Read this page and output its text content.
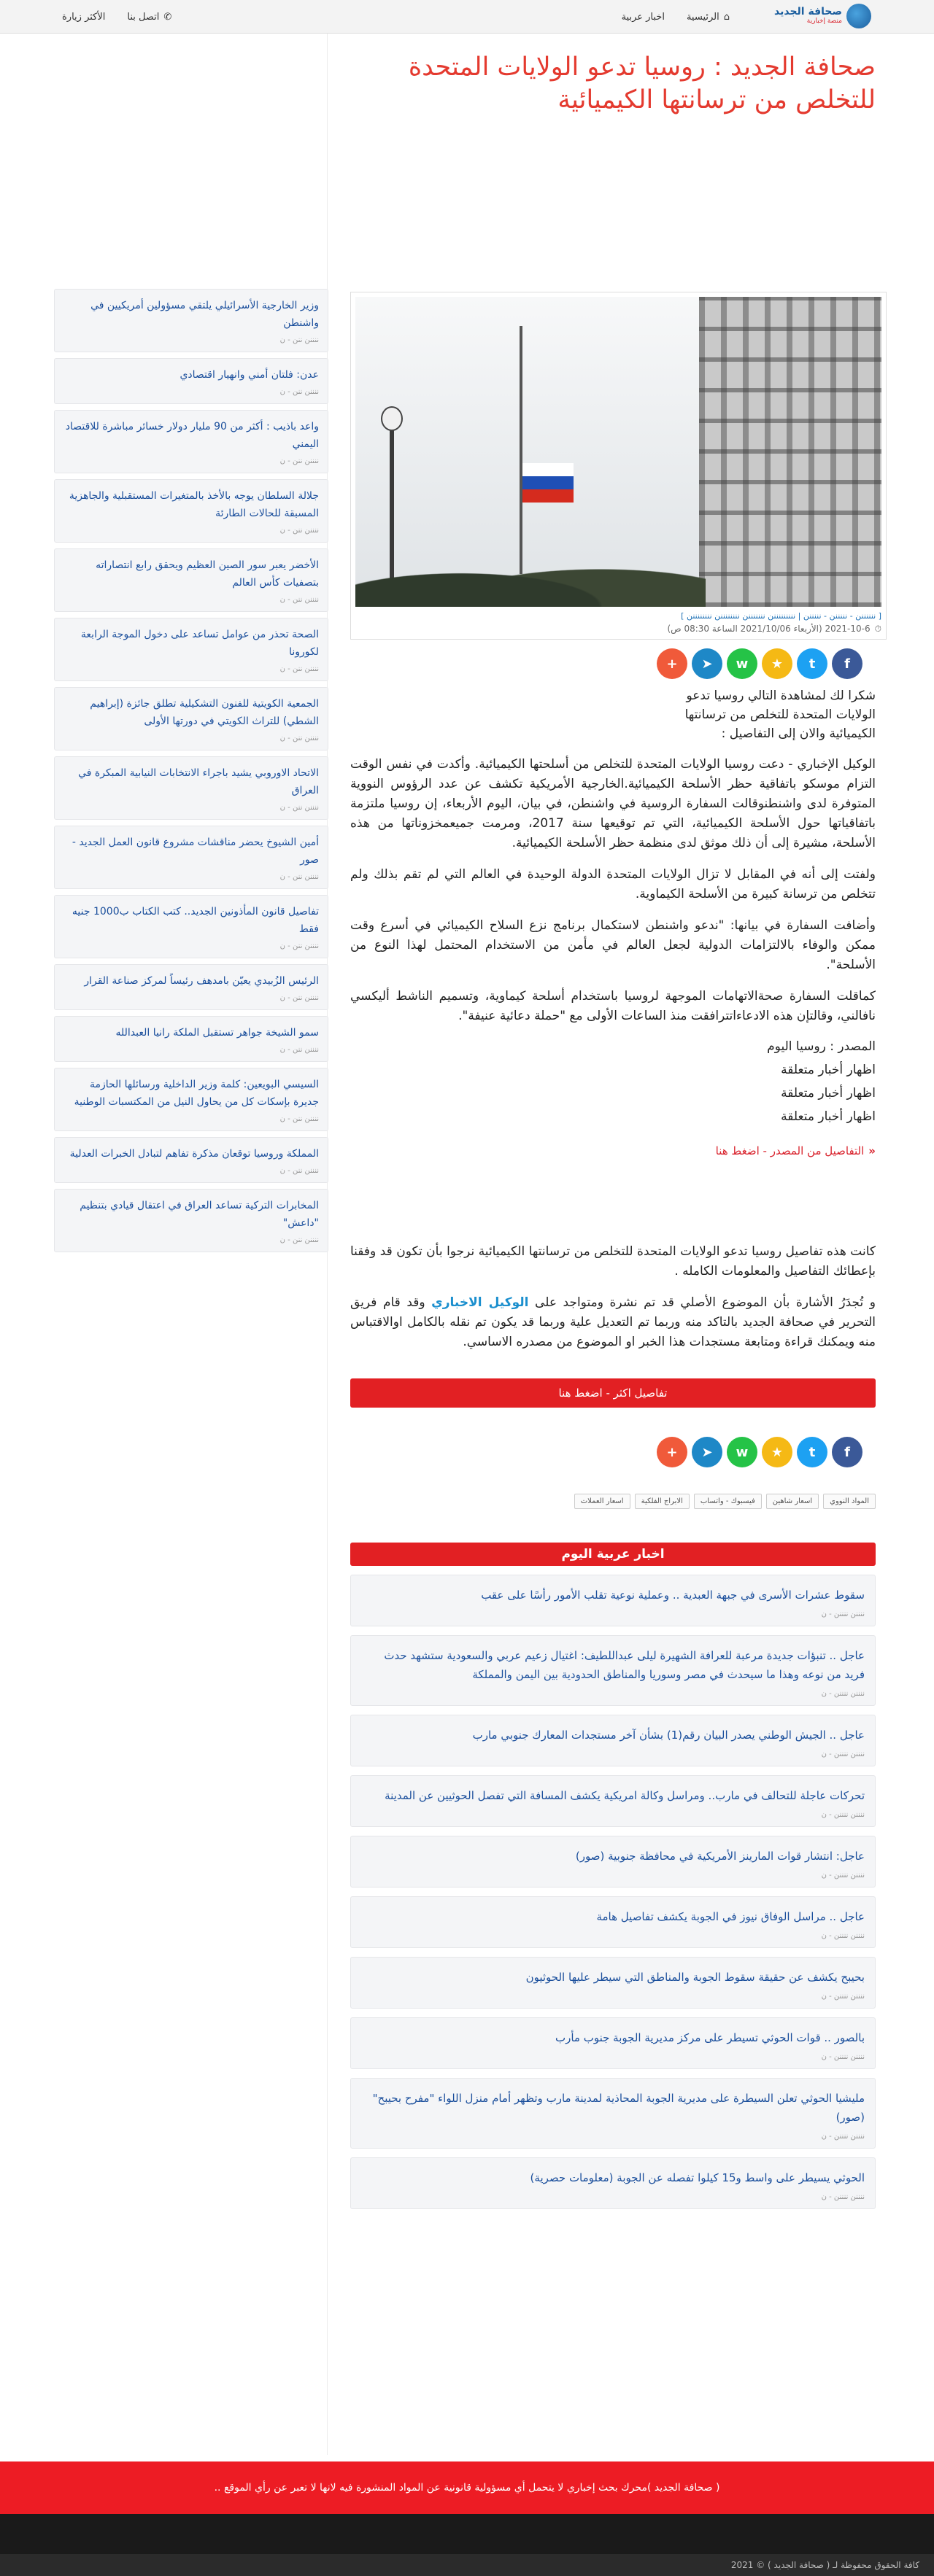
صحافة الجديد
منصة إخبارية
⌂
الرئيسية
اخبار عربية
✆
اتصل بنا
الأكثر زيارة
صحافة الجديد : روسيا تدعو الولايات المتحدة للتخلص من ترسانتها الكيميائية
[ ننننننن - نننننن - نننننن | نننننننننن نننننننن ننننننننن ننننننننن ]
⏱2021-10-6 (الأربعاء 2021/10/06 الساعة 08:30 ص)
+ ➤ w ★ t f

شكرا لك لمشاهدة التالي روسيا تدعو الولايات المتحدة للتخلص من ترسانتها الكيميائية والان إلى التفاصيل :

الوكيل الإخباري - دعت روسيا الولايات المتحدة للتخلص من أسلحتها الكيميائية. وأكدت في نفس الوقت التزام موسكو باتفاقية حظر الأسلحة الكيميائية.الخارجية الأمريكية تكشف عن عدد الرؤوس النووية المتوفرة لدى واشنطنوقالت السفارة الروسية في واشنطن، في بيان، اليوم الأربعاء، إن روسيا ملتزمة باتفاقياتها حول الأسلحة الكيميائية، التي تم توقيعها سنة 2017، ومرمت جميعمخزوناتها من هذه الأسلحة، مشيرة إلى أن ذلك موثق لدى منظمة حظر الأسلحة الكيميائية.

ولفتت إلى أنه في المقابل لا تزال الولايات المتحدة الدولة الوحيدة في العالم التي لم تقم بذلك ولم تتخلص من ترسانة كبيرة من الأسلحة الكيماوية.

وأضافت السفارة في بيانها: "ندعو واشنطن لاستكمال برنامج نزع السلاح الكيميائي في أسرع وقت ممكن والوفاء بالالتزامات الدولية لجعل العالم في مأمن من الاستخدام المحتمل لهذا النوع من الأسلحة".

كماقلت السفارة صحةالاتهامات الموجهة لروسيا باستخدام أسلحة كيماوية، وتسميم الناشط أليكسي نافالني، وقالتإن هذه الادعاءاتترافقت منذ الساعات الأولى مع "حملة دعائية عنيفة".

المصدر : روسيا اليوم

اظهار أخبار متعلقة

اظهار أخبار متعلقة

اظهار أخبار متعلقة

«
التفاصيل من المصدر - اضغط هنا

كانت هذه تفاصيل روسيا تدعو الولايات المتحدة للتخلص من ترسانتها الكيميائية نرجوا بأن تكون قد وفقنا بإعطائك التفاصيل والمعلومات الكامله .

و تُجدَرُ الأشارة بأن الموضوع الأصلي قد تم نشرة ومتواجد على الوكيل الاخباري وقد قام فريق التحرير في صحافة الجديد بالتاكد منه وربما تم التعديل علية وربما قد يكون تم نقله بالكامل اوالاقتباس منه ويمكنك قراءة ومتابعة مستجدات هذا الخبر او الموضوع من مصدره الاساسي.

تفاصيل اكثر - اضغط هنا
+ ➤ w ★ t f
المواد النووي
اسعار شاهين
فيسبوك - واتساب
الابراج الفلكية
اسعار العملات
اخبار عربية اليوم
سقوط عشرات الأسرى في جبهة العبدية .. وعملية نوعية تقلب الأمور رأسًا على عقب
ننننن ننننن - ن
عاجل .. تنبؤات جديدة مرعبة للعرافة الشهيرة ليلى عبداللطيف: اغتيال زعيم عربي والسعودية ستشهد حدث فريد من نوعه وهذا ما سيحدث في مصر وسوريا والمناطق الحدودية بين اليمن والمملكة
ننننن ننننن - ن
عاجل .. الجيش الوطني يصدر البيان رقم(1) بشأن آخر مستجدات المعارك جنوبي مارب
ننننن ننننن - ن
تحركات عاجلة للتحالف في مارب.. ومراسل وكالة امريكية يكشف المسافة التي تفصل الحوثيين عن المدينة
ننننن ننننن - ن
عاجل: انتشار قوات المارينز الأمريكية في محافظة جنوبية (صور)
ننننن ننننن - ن
عاجل .. مراسل الوفاق نيوز في الجوبة يكشف تفاصيل هامة
ننننن ننننن - ن
بحيبح يكشف عن حقيقة سقوط الجوبة والمناطق التي سيطر عليها الحوثيون
ننننن ننننن - ن
بالصور .. قوات الحوثي تسيطر على مركز مديرية الجوبة جنوب مأرب
ننننن ننننن - ن
مليشيا الحوثي تعلن السيطرة على مديرية الجوبة المحاذية لمدينة مارب وتظهر أمام منزل اللواء "مفرح بحيبح"(صور)
ننننن ننننن - ن
الحوثي يسيطر على واسط و15 كيلوا تفصله عن الجوبة (معلومات حصرية)
ننننن ننننن - ن
وزير الخارجية الأسرائيلي يلتقي مسؤولين أمريكيين في واشنطن
ننننن ننن - ن
عدن: فلتان أمني وانهيار اقتصادي
ننننن ننن - ن
واعد باذيب : أكثر من 90 مليار دولار خسائر مباشرة للاقتصاد اليمني
ننننن ننن - ن
جلالة السلطان يوجه بالأخذ بالمتغيرات المستقبلية والجاهزية المسبقة للحالات الطارئة
ننننن ننن - ن
الأخضر يعبر سور الصين العظيم ويحقق رابع انتصاراته بتصفيات كأس العالم
ننننن ننن - ن
الصحة تحذر من عوامل تساعد على دخول الموجة الرابعة لكورونا
ننننن ننن - ن
الجمعية الكويتية للفنون التشكيلية تطلق جائزة (إبراهيم الشطي) للتراث الكويتي في دورتها الأولى
ننننن ننن - ن
الاتحاد الاوروبي يشيد باجراء الانتخابات النيابية المبكرة في العراق
ننننن ننن - ن
أمين الشيوخ يحضر مناقشات مشروع قانون العمل الجديد - صور
ننننن ننن - ن
تفاصيل قانون المأذونين الجديد.. كتب الكتاب ب1000 جنيه فقط
ننننن ننن - ن
الرئيس الزُبيدي يعيّن بامدهف رئيساً لمركز صناعة القرار
ننننن ننن - ن
سمو الشيخة جواهر تستقبل الملكة رانيا العبدالله
ننننن ننن - ن
السيسي البويعين: كلمة وزير الداخلية ورسائلها الحازمة جديرة بإسكات كل من يحاول النيل من المكتسبات الوطنية
ننننن ننن - ن
المملكة وروسيا توقعان مذكرة تفاهم لتبادل الخبرات العدلية
ننننن ننن - ن
المخابرات التركية تساعد العراق في اعتقال قيادي بتنظيم "داعش"
ننننن ننن - ن
( صحافة الجديد )محرك بحث إخباري لا يتحمل أي مسؤولية قانونية عن المواد المنشورة فيه لانها لا تعبر عن رأي الموقع ..
كافة الحقوق محفوظة لـ ( صحافة الجديد ) © 2021
